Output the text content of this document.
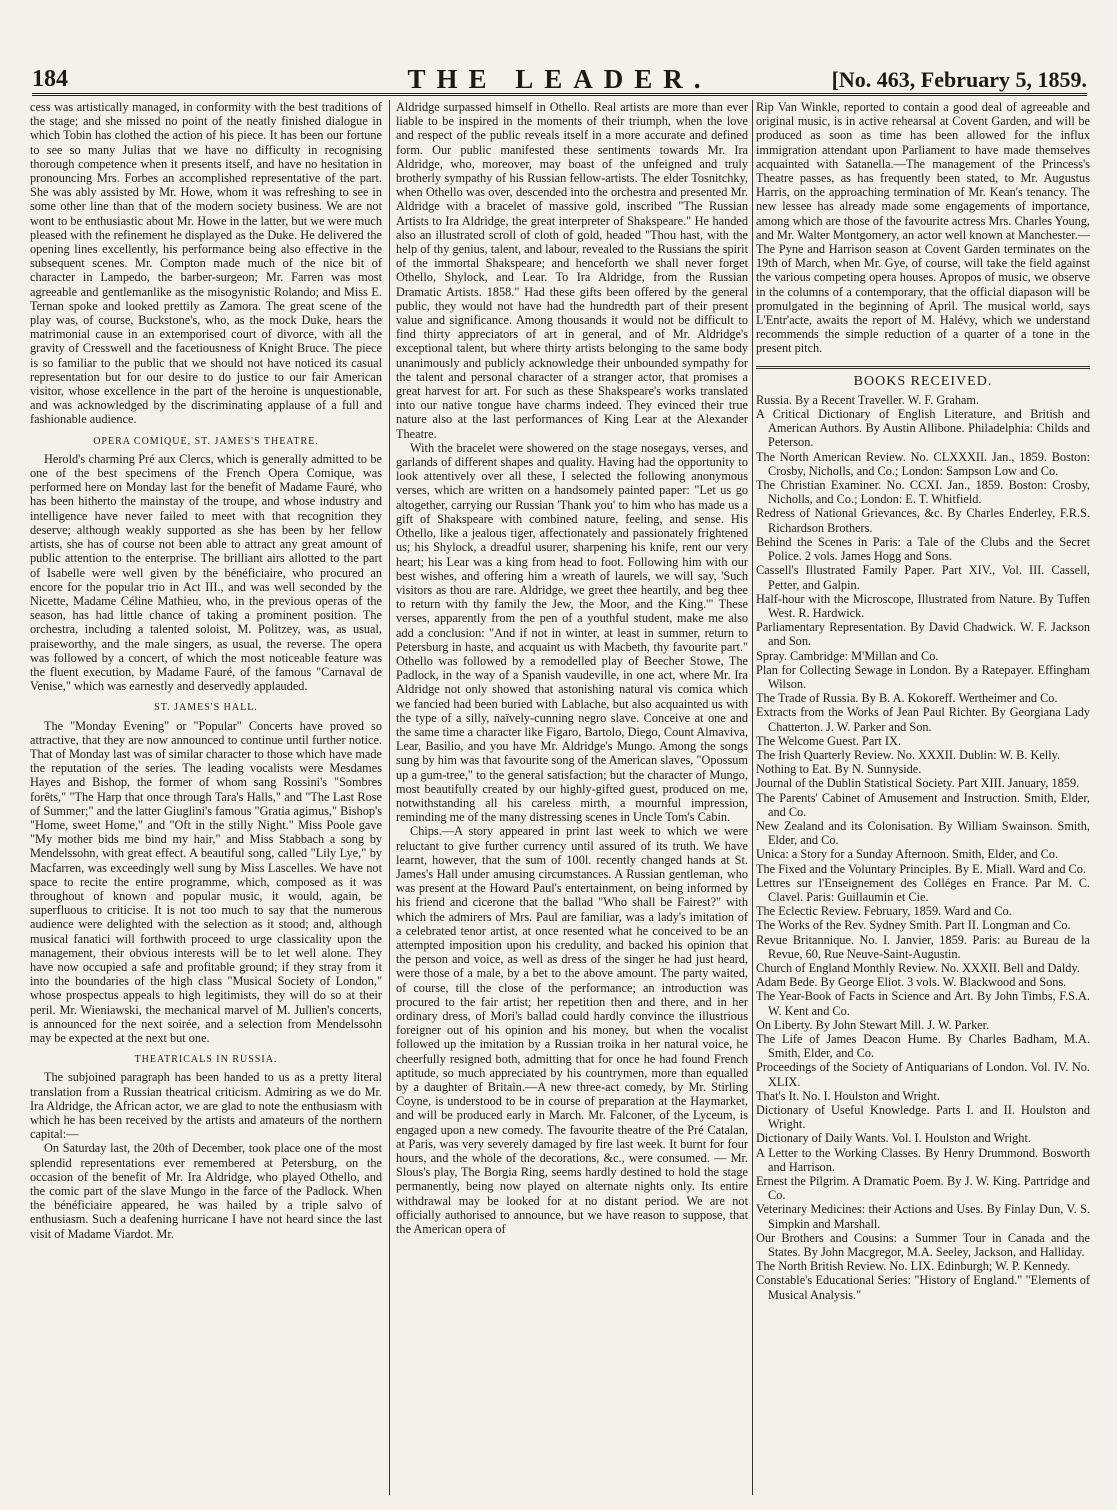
184	THE LEADER.	[No. 463, February 5, 1859.

cess was artistically managed, in conformity with the best traditions of the stage; and she missed no point of the neatly finished dialogue in which Tobin has clothed the action of his piece. It has been our fortune to see so many Julias that we have no difficulty in recognising thorough competence when it presents itself, and have no hesitation in pronouncing Mrs. Forbes an accomplished representative of the part. She was ably assisted by Mr. Howe, whom it was refreshing to see in some other line than that of the modern society business. We are not wont to be enthusiastic about Mr. Howe in the latter, but we were much pleased with the refinement he displayed as the Duke. He delivered the opening lines excellently, his performance being also effective in the subsequent scenes. Mr. Compton made much of the nice bit of character in Lampedo, the barber-surgeon; Mr. Farren was most agreeable and gentlemanlike as the misogynistic Rolando; and Miss E. Ternan spoke and looked prettily as Zamora. The great scene of the play was, of course, Buckstone's, who, as the mock Duke, hears the matrimonial cause in an extemporised court of divorce, with all the gravity of Cresswell and the facetiousness of Knight Bruce. The piece is so familiar to the public that we should not have noticed its casual representation but for our desire to do justice to our fair American visitor, whose excellence in the part of the heroine is unquestionable, and was acknowledged by the discriminating applause of a full and fashionable audience.

OPERA COMIQUE, ST. JAMES'S THEATRE.

Herold's charming Pré aux Clercs, which is generally admitted to be one of the best specimens of the French Opera Comique, was performed here on Monday last for the benefit of Madame Fauré, who has been hitherto the mainstay of the troupe, and whose industry and intelligence have never failed to meet with that recognition they deserve; although weakly supported as she has been by her fellow artists, she has of course not been able to attract any great amount of public attention to the enterprise. The brilliant airs allotted to the part of Isabelle were well given by the bénéficiaire, who procured an encore for the popular trio in Act III., and was well seconded by the Nicette, Madame Céline Mathieu, who, in the previous operas of the season, has had little chance of taking a prominent position. The orchestra, including a talented soloist, M. Politzey, was, as usual, praiseworthy, and the male singers, as usual, the reverse. The opera was followed by a concert, of which the most noticeable feature was the fluent execution, by Madame Fauré, of the famous "Carnaval de Venise," which was earnestly and deservedly applauded.

ST. JAMES'S HALL.

The "Monday Evening" or "Popular" Concerts have proved so attractive, that they are now announced to continue until further notice. That of Monday last was of similar character to those which have made the reputation of the series. The leading vocalists were Mesdames Hayes and Bishop, the former of whom sang Rossini's "Sombres forêts," "The Harp that once through Tara's Halls," and "The Last Rose of Summer;" and the latter Giuglini's famous "Gratia agimus," Bishop's "Home, sweet Home," and "Oft in the stilly Night." Miss Poole gave "My mother bids me bind my hair," and Miss Stabbach a song by Mendelssohn, with great effect. A beautiful song, called "Lily Lye," by Macfarren, was exceedingly well sung by Miss Lascelles. We have not space to recite the entire programme, which, composed as it was throughout of known and popular music, it would, again, be superfluous to criticise. It is not too much to say that the numerous audience were delighted with the selection as it stood; and, although musical fanatici will forthwith proceed to urge classicality upon the management, their obvious interests will be to let well alone. They have now occupied a safe and profitable ground; if they stray from it into the boundaries of the high class "Musical Society of London," whose prospectus appeals to high legitimists, they will do so at their peril. Mr. Wieniawski, the mechanical marvel of M. Jullien's concerts, is announced for the next soirée, and a selection from Mendelssohn may be expected at the next but one.

THEATRICALS IN RUSSIA.

The subjoined paragraph has been handed to us as a pretty literal translation from a Russian theatrical criticism. Admiring as we do Mr. Ira Aldridge, the African actor, we are glad to note the enthusiasm with which he has been received by the artists and amateurs of the northern capital:—

On Saturday last, the 20th of December, took place one of the most splendid representations ever remembered at Petersburg, on the occasion of the benefit of Mr. Ira Aldridge, who played Othello, and the comic part of the slave Mungo in the farce of the Padlock. When the bénéficiaire appeared, he was hailed by a triple salvo of enthusiasm. Such a deafening hurricane I have not heard since the last visit of Madame Viardot. Mr.

Aldridge surpassed himself in Othello. Real artists are more than ever liable to be inspired in the moments of their triumph, when the love and respect of the public reveals itself in a more accurate and defined form. Our public manifested these sentiments towards Mr. Ira Aldridge, who, moreover, may boast of the unfeigned and truly brotherly sympathy of his Russian fellow-artists. The elder Tosnitchky, when Othello was over, descended into the orchestra and presented Mr. Aldridge with a bracelet of massive gold, inscribed "The Russian Artists to Ira Aldridge, the great interpreter of Shakspeare." He handed also an illustrated scroll of cloth of gold, headed "Thou hast, with the help of thy genius, talent, and labour, revealed to the Russians the spirit of the immortal Shakspeare; and henceforth we shall never forget Othello, Shylock, and Lear. To Ira Aldridge, from the Russian Dramatic Artists. 1858." Had these gifts been offered by the general public, they would not have had the hundredth part of their present value and significance. Among thousands it would not be difficult to find thirty appreciators of art in general, and of Mr. Aldridge's exceptional talent, but where thirty artists belonging to the same body unanimously and publicly acknowledge their unbounded sympathy for the talent and personal character of a stranger actor, that promises a great harvest for art. For such as these Shakspeare's works translated into our native tongue have charms indeed. They evinced their true nature also at the last performances of King Lear at the Alexander Theatre.

With the bracelet were showered on the stage nosegays, verses, and garlands of different shapes and quality. Having had the opportunity to look attentively over all these, I selected the following anonymous verses, which are written on a handsomely painted paper: "Let us go altogether, carrying our Russian 'Thank you' to him who has made us a gift of Shakspeare with combined nature, feeling, and sense. His Othello, like a jealous tiger, affectionately and passionately frightened us; his Shylock, a dreadful usurer, sharpening his knife, rent our very heart; his Lear was a king from head to foot. Following him with our best wishes, and offering him a wreath of laurels, we will say, 'Such visitors as thou are rare. Aldridge, we greet thee heartily, and beg thee to return with thy family the Jew, the Moor, and the King.'" These verses, apparently from the pen of a youthful student, make me also add a conclusion: "And if not in winter, at least in summer, return to Petersburg in haste, and acquaint us with Macbeth, thy favourite part." Othello was followed by a remodelled play of Beecher Stowe, The Padlock, in the way of a Spanish vaudeville, in one act, where Mr. Ira Aldridge not only showed that astonishing natural vis comica which we fancied had been buried with Lablache, but also acquainted us with the type of a silly, naïvely-cunning negro slave. Conceive at one and the same time a character like Figaro, Bartolo, Diego, Count Almaviva, Lear, Basilio, and you have Mr. Aldridge's Mungo. Among the songs sung by him was that favourite song of the American slaves, "Opossum up a gum-tree," to the general satisfaction; but the character of Mungo, most beautifully created by our highly-gifted guest, produced on me, notwithstanding all his careless mirth, a mournful impression, reminding me of the many distressing scenes in Uncle Tom's Cabin.

Chips.—A story appeared in print last week to which we were reluctant to give further currency until assured of its truth. We have learnt, however, that the sum of 100l. recently changed hands at St. James's Hall under amusing circumstances. A Russian gentleman, who was present at the Howard Paul's entertainment, on being informed by his friend and cicerone that the ballad "Who shall be Fairest?" with which the admirers of Mrs. Paul are familiar, was a lady's imitation of a celebrated tenor artist, at once resented what he conceived to be an attempted imposition upon his credulity, and backed his opinion that the person and voice, as well as dress of the singer he had just heard, were those of a male, by a bet to the above amount. The party waited, of course, till the close of the performance; an introduction was procured to the fair artist; her repetition then and there, and in her ordinary dress, of Mori's ballad could hardly convince the illustrious foreigner out of his opinion and his money, but when the vocalist followed up the imitation by a Russian troika in her natural voice, he cheerfully resigned both, admitting that for once he had found French aptitude, so much appreciated by his countrymen, more than equalled by a daughter of Britain.—A new three-act comedy, by Mr. Stirling Coyne, is understood to be in course of preparation at the Haymarket, and will be produced early in March. Mr. Falconer, of the Lyceum, is engaged upon a new comedy. The favourite theatre of the Pré Catalan, at Paris, was very severely damaged by fire last week. It burnt for four hours, and the whole of the decorations, &c., were consumed. — Mr. Slous's play, The Borgia Ring, seems hardly destined to hold the stage permanently, being now played on alternate nights only. Its entire withdrawal may be looked for at no distant period. We are not officially authorised to announce, but we have reason to suppose, that the American opera of

Rip Van Winkle, reported to contain a good deal of agreeable and original music, is in active rehearsal at Covent Garden, and will be produced as soon as time has been allowed for the influx immigration attendant upon Parliament to have made themselves acquainted with Satanella.—The management of the Princess's Theatre passes, as has frequently been stated, to Mr. Augustus Harris, on the approaching termination of Mr. Kean's tenancy. The new lessee has already made some engagements of importance, among which are those of the favourite actress Mrs. Charles Young, and Mr. Walter Montgomery, an actor well known at Manchester.—The Pyne and Harrison season at Covent Garden terminates on the 19th of March, when Mr. Gye, of course, will take the field against the various competing opera houses. Apropos of music, we observe in the columns of a contemporary, that the official diapason will be promulgated in the beginning of April. The musical world, says L'Entr'acte, awaits the report of M. Halévy, which we understand recommends the simple reduction of a quarter of a tone in the present pitch.

BOOKS RECEIVED.
Russia. By a Recent Traveller. W. F. Graham.
A Critical Dictionary of English Literature, and British and American Authors. By Austin Allibone. Philadelphia: Childs and Peterson.
The North American Review. No. CLXXXII. Jan., 1859. Boston: Crosby, Nicholls, and Co.; London: Sampson Low and Co.
The Christian Examiner. No. CCXI. Jan., 1859. Boston: Crosby, Nicholls, and Co.; London: E. T. Whitfield.
Redress of National Grievances, &c. By Charles Enderley, F.R.S. Richardson Brothers.
Behind the Scenes in Paris: a Tale of the Clubs and the Secret Police. 2 vols. James Hogg and Sons.
Cassell's Illustrated Family Paper. Part XIV., Vol. III. Cassell, Petter, and Galpin.
Half-hour with the Microscope, Illustrated from Nature. By Tuffen West. R. Hardwick.
Parliamentary Representation. By David Chadwick. W. F. Jackson and Son.
Spray. Cambridge: M'Millan and Co.
Plan for Collecting Sewage in London. By a Ratepayer. Effingham Wilson.
The Trade of Russia. By B. A. Kokoreff. Wertheimer and Co.
Extracts from the Works of Jean Paul Richter. By Georgiana Lady Chatterton. J. W. Parker and Son.
The Welcome Guest. Part IX.
The Irish Quarterly Review. No. XXXII. Dublin: W. B. Kelly.
Nothing to Eat. By N. Sunnyside.
Journal of the Dublin Statistical Society. Part XIII. January, 1859.
The Parents' Cabinet of Amusement and Instruction. Smith, Elder, and Co.
New Zealand and its Colonisation. By William Swainson. Smith, Elder, and Co.
Unica: a Story for a Sunday Afternoon. Smith, Elder, and Co.
The Fixed and the Voluntary Principles. By E. Miall. Ward and Co.
Lettres sur l'Enseignement des Colléges en France. Par M. C. Clavel. Paris: Guillaumin et Cie.
The Eclectic Review. February, 1859. Ward and Co.
The Works of the Rev. Sydney Smith. Part II. Longman and Co.
Revue Britannique. No. I. Janvier, 1859. Paris: au Bureau de la Revue, 60, Rue Neuve-Saint-Augustin.
Church of England Monthly Review. No. XXXII. Bell and Daldy.
Adam Bede. By George Eliot. 3 vols. W. Blackwood and Sons.
The Year-Book of Facts in Science and Art. By John Timbs, F.S.A. W. Kent and Co.
On Liberty. By John Stewart Mill. J. W. Parker.
The Life of James Deacon Hume. By Charles Badham, M.A. Smith, Elder, and Co.
Proceedings of the Society of Antiquarians of London. Vol. IV. No. XLIX.
That's It. No. I. Houlston and Wright.
Dictionary of Useful Knowledge. Parts I. and II. Houlston and Wright.
Dictionary of Daily Wants. Vol. I. Houlston and Wright.
A Letter to the Working Classes. By Henry Drummond. Bosworth and Harrison.
Ernest the Pilgrim. A Dramatic Poem. By J. W. King. Partridge and Co.
Veterinary Medicines: their Actions and Uses. By Finlay Dun, V. S. Simpkin and Marshall.
Our Brothers and Cousins: a Summer Tour in Canada and the States. By John Macgregor, M.A. Seeley, Jackson, and Halliday.
The North British Review. No. LIX. Edinburgh; W. P. Kennedy.
Constable's Educational Series: "History of England." "Elements of Musical Analysis."
